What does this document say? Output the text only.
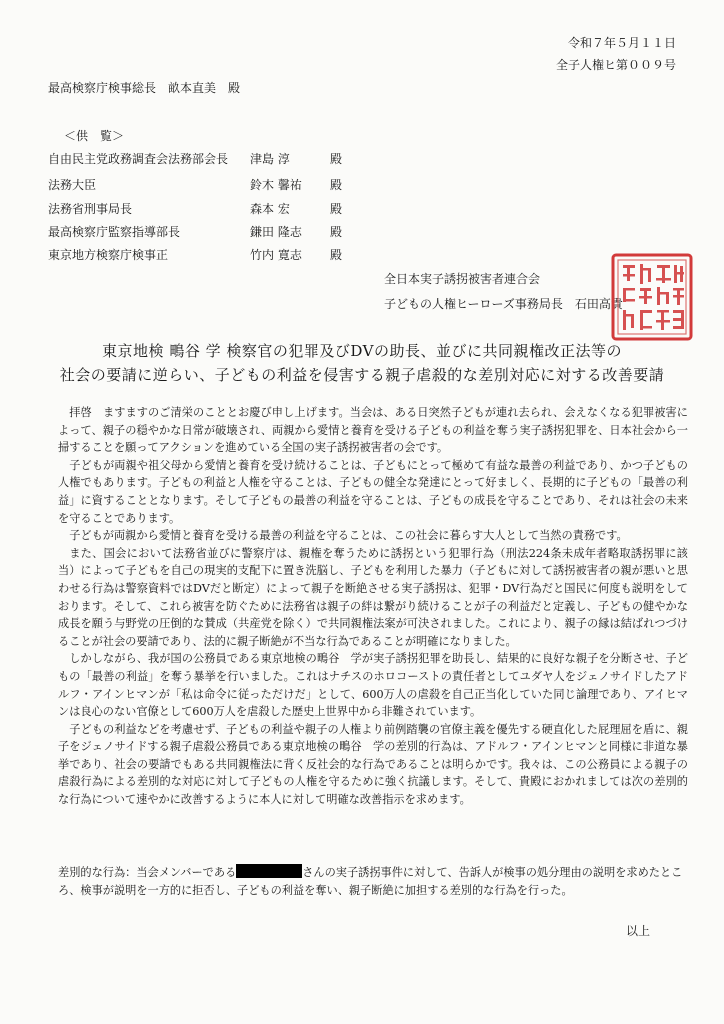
令和７年５月１１日
全子人権ヒ第００９号
最高検察庁検事総長　畝本直美　殿
＜供　覧＞
自由民主党政務調査会法務部会長 津島 淳	殿
法務大臣	鈴木 馨祐 殿
法務省刑事局長	森本 宏	殿
最高検察庁監察指導部長	鎌田 隆志 殿
東京地方検察庁検事正	竹内 寛志 殿
全日本実子誘拐被害者連合会
子どもの人権ヒーローズ事務局長　石田高貴
東京地検 鴫谷 学 検察官の犯罪及びDVの助長、並びに共同親権改正法等の
社会の要請に逆らい、子どもの利益を侵害する親子虐殺的な差別対応に対する改善要請

拝啓　ますますのご清栄のこととお慶び申し上げます。当会は、ある日突然子どもが連れ去られ、会えなくなる犯罪被害によって、親子の穏やかな日常が破壊され、両親から愛情と養育を受ける子どもの利益を奪う実子誘拐犯罪を、日本社会から一掃することを願ってアクションを進めている全国の実子誘拐被害者の会です。

子どもが両親や祖父母から愛情と養育を受け続けることは、子どもにとって極めて有益な最善の利益であり、かつ子どもの人権でもあります。子どもの利益と人権を守ることは、子どもの健全な発達にとって好ましく、長期的に子どもの「最善の利益」に資することとなります。そして子どもの最善の利益を守ることは、子どもの成長を守ることであり、それは社会の未来を守ることであります。

子どもが両親から愛情と養育を受ける最善の利益を守ることは、この社会に暮らす大人として当然の責務です。

また、国会において法務省並びに警察庁は、親権を奪うために誘拐という犯罪行為（刑法224条未成年者略取誘拐罪に該当）によって子どもを自己の現実的支配下に置き洗脳し、子どもを利用した暴力（子どもに対して誘拐被害者の親が悪いと思わせる行為は警察資料ではDVだと断定）によって親子を断絶させる実子誘拐は、犯罪・DV行為だと国民に何度も説明をしております。そして、これら被害を防ぐために法務省は親子の絆は繋がり続けることが子の利益だと定義し、子どもの健やかな成長を願う与野党の圧倒的な賛成（共産党を除く）で共同親権法案が可決されました。これにより、親子の縁は結ばれつづけることが社会の要請であり、法的に親子断絶が不当な行為であることが明確になりました。

しかしながら、我が国の公務員である東京地検の鴫谷　学が実子誘拐犯罪を助長し、結果的に良好な親子を分断させ、子どもの「最善の利益」を奪う暴挙を行いました。これはナチスのホロコーストの責任者としてユダヤ人をジェノサイドしたアドルフ・アインヒマンが「私は命令に従っただけだ」として、600万人の虐殺を自己正当化していた同じ論理であり、アイヒマンは良心のない官僚として600万人を虐殺した歴史上世界中から非難されています。

子どもの利益などを考慮せず、子どもの利益や親子の人権より前例踏襲の官僚主義を優先する硬直化した屁理屈を盾に、親子をジェノサイドする親子虐殺公務員である東京地検の鴫谷　学の差別的行為は、アドルフ・アインヒマンと同様に非道な暴挙であり、社会の要請でもある共同親権法に背く反社会的な行為であることは明らかです。我々は、この公務員による親子の虐殺行為による差別的な対応に対して子どもの人権を守るために強く抗議します。そして、貴殿におかれましては次の差別的な行為について速やかに改善するように本人に対して明確な改善指示を求めます。

差別的な行為：当会メンバーである	さんの実子誘拐事件に対して、告訴人が検事の処分理由の説明を求めたところ、検事が説明を一方的に拒否し、子どもの利益を奪い、親子断絶に加担する差別的な行為を行った。
以上
